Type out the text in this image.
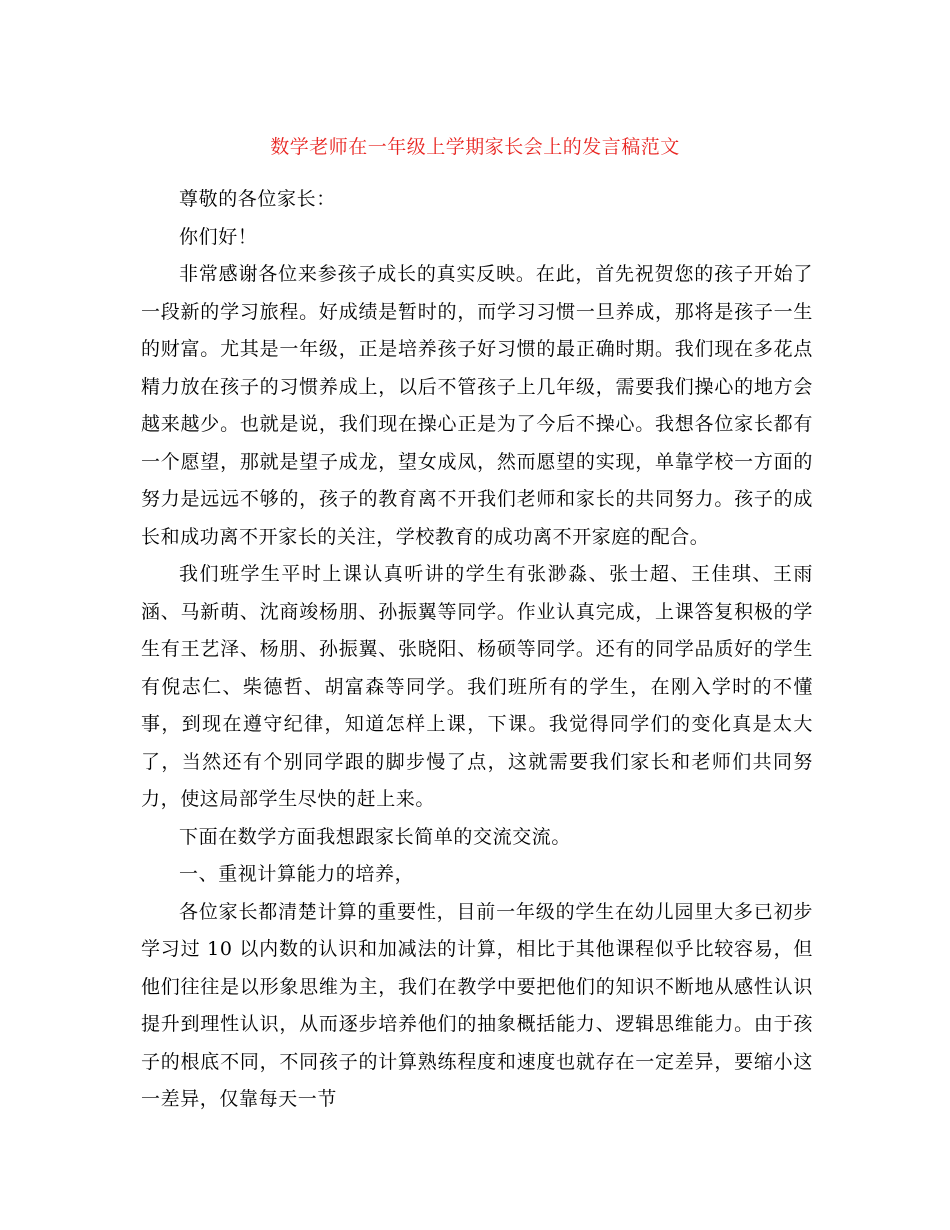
数学老师在一年级上学期家长会上的发言稿范文

尊敬的各位家长：

你们好！

非常感谢各位来参孩子成长的真实反映。在此，首先祝贺您的孩子开始了一段新的学习旅程。好成绩是暂时的，而学习习惯一旦养成，那将是孩子一生的财富。尤其是一年级，正是培养孩子好习惯的最正确时期。我们现在多花点精力放在孩子的习惯养成上，以后不管孩子上几年级，需要我们操心的地方会越来越少。也就是说，我们现在操心正是为了今后不操心。我想各位家长都有一个愿望，那就是望子成龙，望女成凤，然而愿望的实现，单靠学校一方面的努力是远远不够的，孩子的教育离不开我们老师和家长的共同努力。孩子的成长和成功离不开家长的关注，学校教育的成功离不开家庭的配合。

我们班学生平时上课认真听讲的学生有张渺淼、张士超、王佳琪、王雨涵、马新萌、沈商竣杨朋、孙振翼等同学。作业认真完成，上课答复积极的学生有王艺泽、杨朋、孙振翼、张晓阳、杨硕等同学。还有的同学品质好的学生有倪志仁、柴德哲、胡富森等同学。我们班所有的学生，在刚入学时的不懂事，到现在遵守纪律，知道怎样上课，下课。我觉得同学们的变化真是太大了，当然还有个别同学跟的脚步慢了点，这就需要我们家长和老师们共同努力，使这局部学生尽快的赶上来。

下面在数学方面我想跟家长简单的交流交流。

一、重视计算能力的培养，

各位家长都清楚计算的重要性，目前一年级的学生在幼儿园里大多已初步学习过 10 以内数的认识和加减法的计算，相比于其他课程似乎比较容易，但他们往往是以形象思维为主，我们在教学中要把他们的知识不断地从感性认识提升到理性认识，从而逐步培养他们的抽象概括能力、逻辑思维能力。由于孩子的根底不同，不同孩子的计算熟练程度和速度也就存在一定差异，要缩小这一差异，仅靠每天一节
